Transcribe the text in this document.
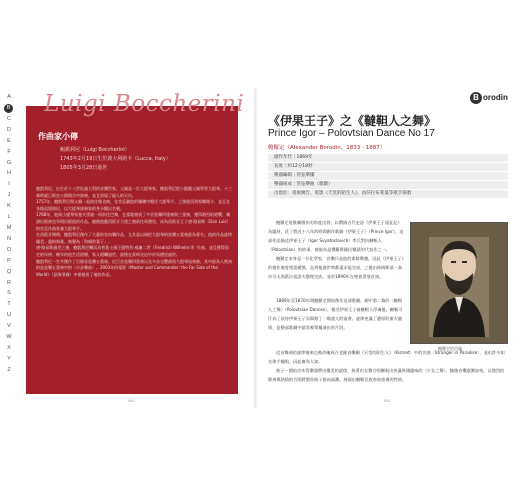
A
B
C
D
E
F
G
H
I
J
K
L
M
N
O
P
Q
R
S
T
U
V
W
X
Y
Z
Luigi Boccherini
作曲家小傳
鮑凱利尼（Luigi Boccherini）
1743年2月19日生於義大利路卡（Lucca, Italy）
1805年3月28日逝世

鮑凱利尼，出生於十八世紀義大利的音樂世家，父親是一位大提琴家，鮑凱利尼從小跟隨父親學習大提琴，十三歲時就已經在公開場合中演奏，並且展現了過人的天份。

1757年，鮑凱利尼與父親一起前往維也納，在宮廷劇院的樂團中擔任大提琴手。之後他回到家鄉路卡，並且在各地巡迴演出，以大提琴演奏家的身分闖出名號。

1768年，他與小提琴家曼夫雷迪一同前往巴黎，在當地發表了多首弦樂四重奏與三重奏，獲得熱烈的迴響，樂譜出版商也爭相出版他的作品。隨後他應西班牙大使之邀前往馬德里，成為西班牙王子唐·路易斯（Don Luis）的宮廷作曲家兼大提琴手。

在西班牙期間，鮑凱利尼創作了大量的室內樂作品，尤其是以兩把大提琴的弦樂五重奏最為著名。他的作品旋律優美、風格典雅，被譽為「海頓的妻子」。

唐·路易斯過世之後，鮑凱利尼轉而為普魯士國王腓特烈·威廉二世（Friedrich Wilhelm II）作曲，並且獲得固定的年俸。晚年的他生活困頓，家人相繼過世，最後在貧病交迫中於馬德里過世。

鮑凱利尼一生共創作了百餘首弦樂五重奏、近百首弦樂四重奏以及多首交響曲與大提琴協奏曲，其中最為人熟知的是弦樂五重奏中的〈小步舞曲〉。2003年的電影《Master and Commander: the Far Side of the World》（怒海爭鋒）中便使用了他的作品。

B orodin
《伊果王子》之《韃靼人之舞》
Prince Igor – Polovtsian Dance No 17
鮑羅定（Alexander Borodin，1833 - 1887）
創作年代｜1869年
長度｜約12分18秒
樂器編制｜管弦樂團
樂器組成｜管弦樂曲（歌劇）
出現於：電視廣告、電影《天堂的陌生人》、由莎拉布萊曼等歌手演唱

鮑羅定從歌劇創作的角度出發，以俄國古代史詩《伊果王子遠征記》為題材，花了將近十八年的時間創作歌劇《伊果王子》（Prince Igor），這部作品描述伊果王子（Igor Svyatoslavich）率兵對抗韃靼人（Polovtsian）的故事，被視為是俄羅斯國民樂派的代表作之一。

鮑羅定本身是一位化學家，音樂只是他的業餘興趣，因此《伊果王子》的創作進度相當緩慢，直到他過世時都還未能完成，之後由林姆斯基－高沙可夫與葛拉祖諾夫整理完成，並於1890年在聖彼得堡首演。

1869年至1870年間鮑羅定開始創作這部歌劇。劇中第二幕的〈韃靼人之舞〉（Polovtsian Dances），描述伊果王子被韃靼人俘虜後，韃靼可汗為了款待伊果王子而舉辦了一場盛大的宴會。旋律充滿了濃厚的東方風情，是整部歌劇中最常被單獨演出的片段。

這首舞曲的旋律後來也被改編成百老匯音樂劇《天堂的陌生人》（Kismet）中的名曲〈Stranger in Paradise〉，並由許多知名歌手翻唱，因此廣為人知。

曲子一開始由木管樂器帶出優美的旋律，接著由女聲合唱團唱出充滿異國風味的〈少女之舞〉，隨後音樂逐漸加快，以強烈的節奏與熱情的合唱將整首曲子推向高潮，展現出韃靼民族奔放豪邁的性格。

鮑羅定的肖像。
060	061
